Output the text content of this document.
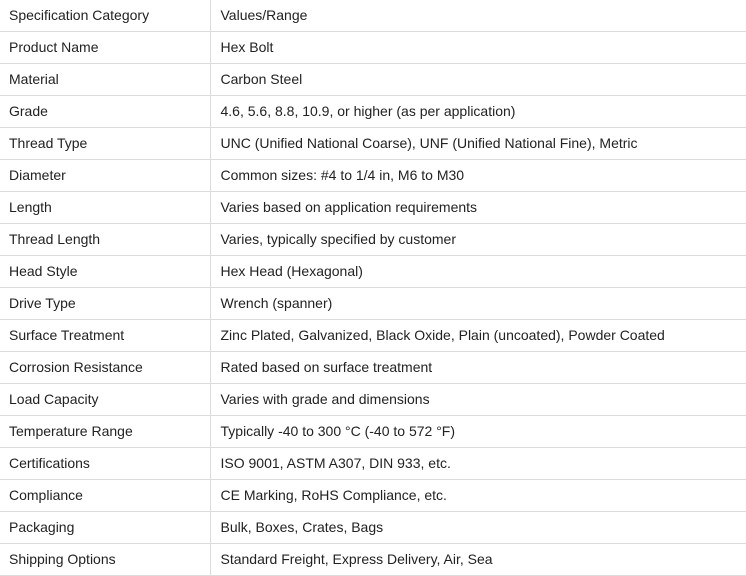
Specification Category	Values/Range
Product Name	Hex Bolt
Material	Carbon Steel
Grade	4.6, 5.6, 8.8, 10.9, or higher (as per application)
Thread Type	UNC (Unified National Coarse), UNF (Unified National Fine), Metric
Diameter	Common sizes: #4 to 1/4 in, M6 to M30
Length	Varies based on application requirements
Thread Length	Varies, typically specified by customer
Head Style	Hex Head (Hexagonal)
Drive Type	Wrench (spanner)
Surface Treatment	Zinc Plated, Galvanized, Black Oxide, Plain (uncoated), Powder Coated
Corrosion Resistance	Rated based on surface treatment
Load Capacity	Varies with grade and dimensions
Temperature Range	Typically -40 to 300 °C (-40 to 572 °F)
Certifications	ISO 9001, ASTM A307, DIN 933, etc.
Compliance	CE Marking, RoHS Compliance, etc.
Packaging	Bulk, Boxes, Crates, Bags
Shipping Options	Standard Freight, Express Delivery, Air, Sea
